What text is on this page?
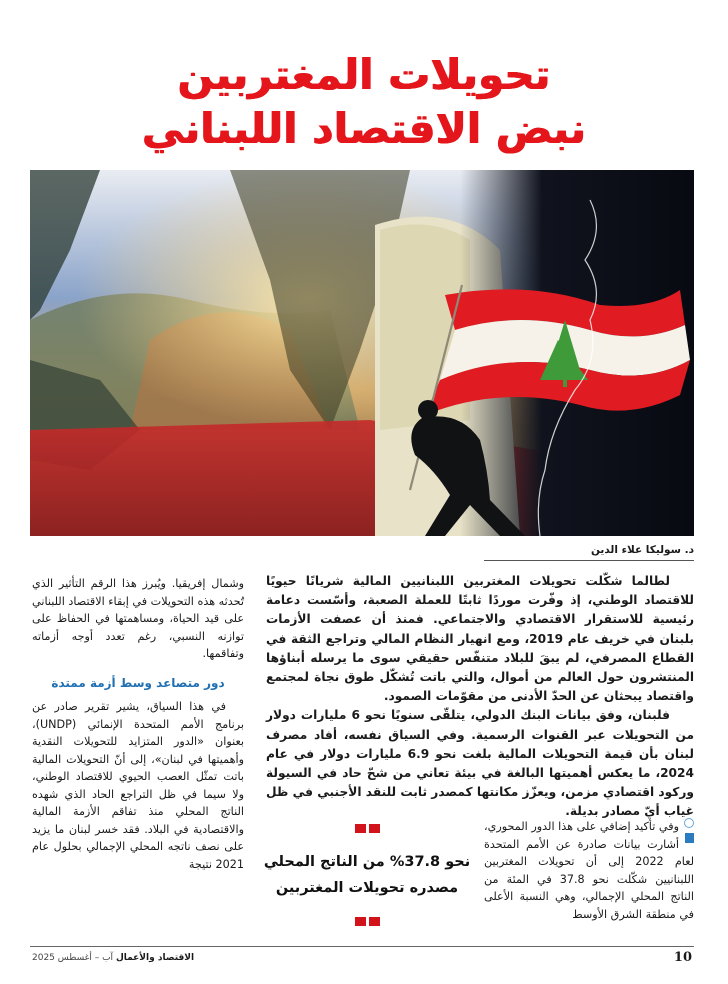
تحويلات المغتربين
نبض الاقتصاد اللبناني
د. سوليكا علاء الدين

لطالما شكّلت تحويلات المغتربين اللبنانيين المالية شريانًا حيويًا للاقتصاد الوطني، إذ وفّرت موردًا ثابتًا للعملة الصعبة، وأسّست دعامة رئيسية للاستقرار الاقتصادي والاجتماعي. فمنذ أن عصفت الأزمات بلبنان في خريف عام 2019، ومع انهيار النظام المالي وتراجع الثقة في القطاع المصرفي، لم يبقَ للبلاد متنفّس حقيقي سوى ما يرسله أبناؤها المنتشرون حول العالم من أموال، والتي باتت تُشكّل طوق نجاة لمجتمع واقتصاد يبحثان عن الحدّ الأدنى من مقوّمات الصمود.

فلبنان، وفق بيانات البنك الدولي، يتلقّى سنويًا نحو 6 مليارات دولار من التحويلات عبر القنوات الرسمية. وفي السياق نفسه، أفاد مصرف لبنان بأن قيمة التحويلات المالية بلغت نحو 6.9 مليارات دولار في عام 2024، ما يعكس أهميتها البالغة في بيئة تعاني من شحّ حاد في السيولة وركود اقتصادي مزمن، ويعزّز مكانتها كمصدر ثابت للنقد الأجنبي في ظل غياب أيّ مصادر بديلة.

وفي تأكيد إضافي على هذا الدور المحوري، أشارت بيانات صادرة عن الأمم المتحدة لعام 2022 إلى أن تحويلات المغتربين اللبنانيين شكّلت نحو 37.8 في المئة من الناتج المحلي الإجمالي، وهي النسبة الأعلى في منطقة الشرق الأوسط

نحو 37.8% من الناتج المحلي مصدره تحويلات المغتربين

وشمال إفريقيا. ويُبرز هذا الرقم التأثير الذي تُحدثه هذه التحويلات في إبقاء الاقتصاد اللبناني على قيد الحياة، ومساهمتها في الحفاظ على توازنه النسبي، رغم تعدد أوجه أزماته وتفاقمها.

دور متصاعد وسط أزمة ممتدة

في هذا السياق، يشير تقرير صادر عن برنامج الأمم المتحدة الإنمائي (UNDP)، بعنوان «الدور المتزايد للتحويلات النقدية وأهميتها في لبنان»، إلى أنّ التحويلات المالية باتت تمثّل العصب الحيوي للاقتصاد الوطني، ولا سيما في ظل التراجع الحاد الذي شهده الناتج المحلي منذ تفاقم الأزمة المالية والاقتصادية في البلاد. فقد خسر لبنان ما يزيد على نصف ناتجه المحلي الإجمالي بحلول عام 2021 نتيجة

10
الاقتصاد والأعمال آب – أغسطس 2025
